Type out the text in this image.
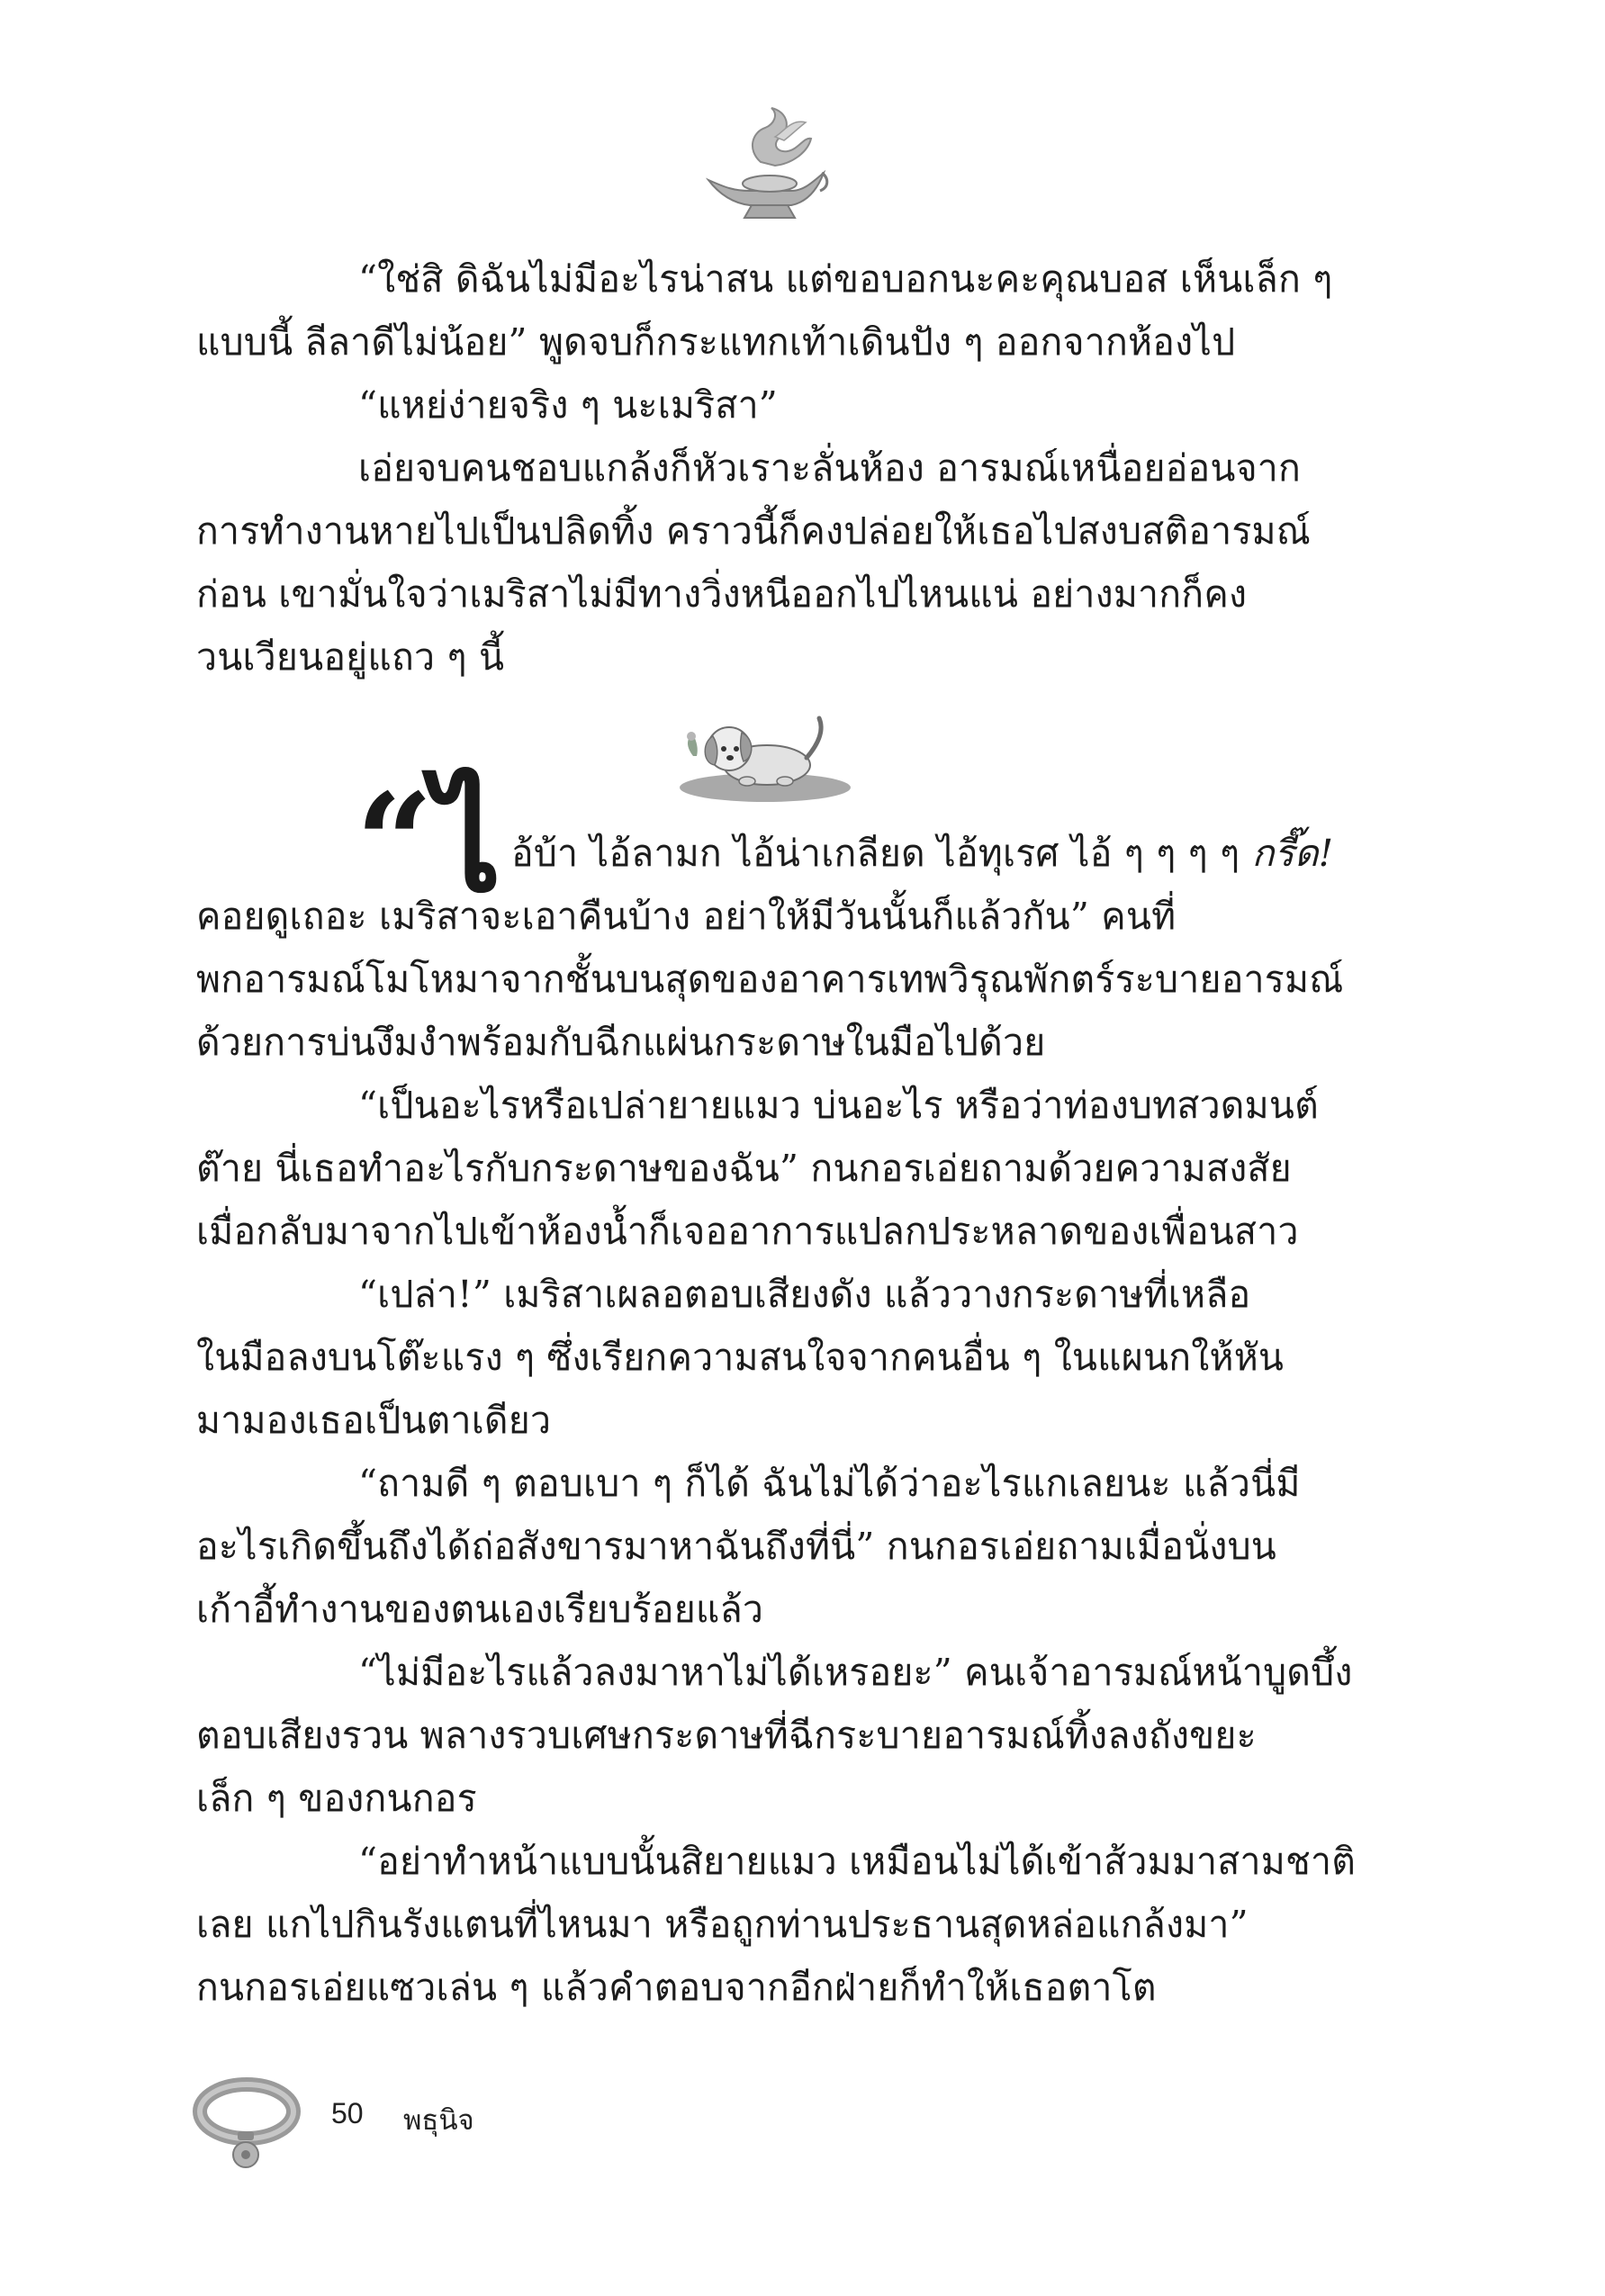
“ใช่สิ ดิฉันไม่มีอะไรน่าสน แต่ขอบอกนะคะคุณบอส เห็นเล็ก ๆ
แบบนี้ ลีลาดีไม่น้อย” พูดจบก็กระแทกเท้าเดินปัง ๆ ออกจากห้องไป
“แหย่ง่ายจริง ๆ นะเมริสา”
เอ่ยจบคนชอบแกล้งก็หัวเราะลั่นห้อง อารมณ์เหนื่อยอ่อนจาก
การทำงานหายไปเป็นปลิดทิ้ง คราวนี้ก็คงปล่อยให้เธอไปสงบสติอารมณ์
ก่อน เขามั่นใจว่าเมริสาไม่มีทางวิ่งหนีออกไปไหนแน่ อย่างมากก็คง
วนเวียนอยู่แถว ๆ นี้
“ไ อ้บ้า ไอ้ลามก ไอ้น่าเกลียด ไอ้ทุเรศ ไอ้ ๆ ๆ ๆ ๆ กรี๊ด!
คอยดูเถอะ เมริสาจะเอาคืนบ้าง อย่าให้มีวันนั้นก็แล้วกัน” คนที่
พกอารมณ์โมโหมาจากชั้นบนสุดของอาคารเทพวิรุณพักตร์ระบายอารมณ์
ด้วยการบ่นงึมงำพร้อมกับฉีกแผ่นกระดาษในมือไปด้วย
“เป็นอะไรหรือเปล่ายายแมว บ่นอะไร หรือว่าท่องบทสวดมนต์
ต๊าย นี่เธอทำอะไรกับกระดาษของฉัน” กนกอรเอ่ยถามด้วยความสงสัย
เมื่อกลับมาจากไปเข้าห้องน้ำก็เจออาการแปลกประหลาดของเพื่อนสาว
“เปล่า!” เมริสาเผลอตอบเสียงดัง แล้ววางกระดาษที่เหลือ
ในมือลงบนโต๊ะแรง ๆ ซึ่งเรียกความสนใจจากคนอื่น ๆ ในแผนกให้หัน
มามองเธอเป็นตาเดียว
“ถามดี ๆ ตอบเบา ๆ ก็ได้ ฉันไม่ได้ว่าอะไรแกเลยนะ แล้วนี่มี
อะไรเกิดขึ้นถึงได้ถ่อสังขารมาหาฉันถึงที่นี่” กนกอรเอ่ยถามเมื่อนั่งบน
เก้าอี้ทำงานของตนเองเรียบร้อยแล้ว
“ไม่มีอะไรแล้วลงมาหาไม่ได้เหรอยะ” คนเจ้าอารมณ์หน้าบูดบึ้ง
ตอบเสียงรวน พลางรวบเศษกระดาษที่ฉีกระบายอารมณ์ทิ้งลงถังขยะ
เล็ก ๆ ของกนกอร
“อย่าทำหน้าแบบนั้นสิยายแมว เหมือนไม่ได้เข้าส้วมมาสามชาติ
เลย แกไปกินรังแตนที่ไหนมา หรือถูกท่านประธานสุดหล่อแกล้งมา”
กนกอรเอ่ยแซวเล่น ๆ แล้วคำตอบจากอีกฝ่ายก็ทำให้เธอตาโต
50 พธุนิจ
